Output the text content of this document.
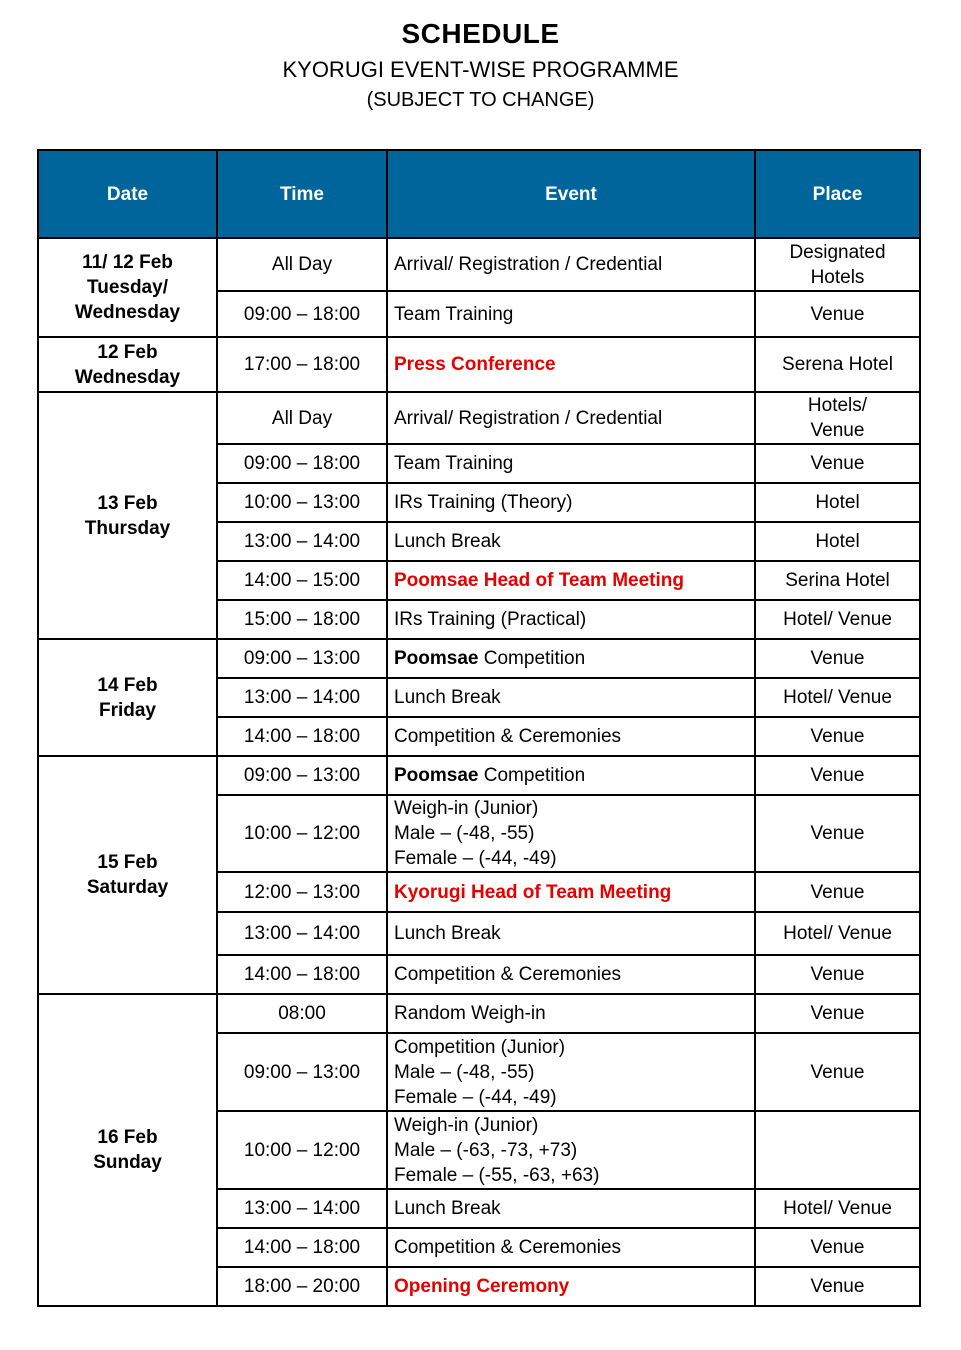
SCHEDULE
KYORUGI EVENT-WISE PROGRAMME
(SUBJECT TO CHANGE)
Date	Time	Event	Place

11/ 12 Feb
Tuesday/
Wednesday	All Day	Arrival/ Registration / Credential	Designated
Hotels

	09:00 – 18:00	Team Training	Venue

12 Feb
Wednesday	17:00 – 18:00	Press Conference	Serena Hotel

13 Feb
Thursday	All Day	Arrival/ Registration / Credential	Hotels/
Venue

	09:00 – 18:00	Team Training	Venue
	10:00 – 13:00	IRs Training (Theory)	Hotel
	13:00 – 14:00	Lunch Break	Hotel
	14:00 – 15:00	Poomsae Head of Team Meeting	Serina Hotel
	15:00 – 18:00	IRs Training (Practical)	Hotel/ Venue

14 Feb
Friday	09:00 – 13:00	Poomsae Competition	Venue
	13:00 – 14:00	Lunch Break	Hotel/ Venue
	14:00 – 18:00	Competition & Ceremonies	Venue

15 Feb
Saturday	09:00 – 13:00	Poomsae Competition	Venue
	10:00 – 12:00	Weigh-in (Junior)
Male – (-48, -55)
Female – (-44, -49)	Venue
	12:00 – 13:00	Kyorugi Head of Team Meeting	Venue
	13:00 – 14:00	Lunch Break	Hotel/ Venue
	14:00 – 18:00	Competition & Ceremonies	Venue

16 Feb
Sunday	08:00	Random Weigh-in	Venue
	09:00 – 13:00	Competition (Junior)
Male – (-48, -55)
Female – (-44, -49)	Venue
	10:00 – 12:00	Weigh-in (Junior)
Male – (-63, -73, +73)
Female – (-55, -63, +63)	

	13:00 – 14:00	Lunch Break	Hotel/ Venue
	14:00 – 18:00	Competition & Ceremonies	Venue
	18:00 – 20:00	Opening Ceremony	Venue
